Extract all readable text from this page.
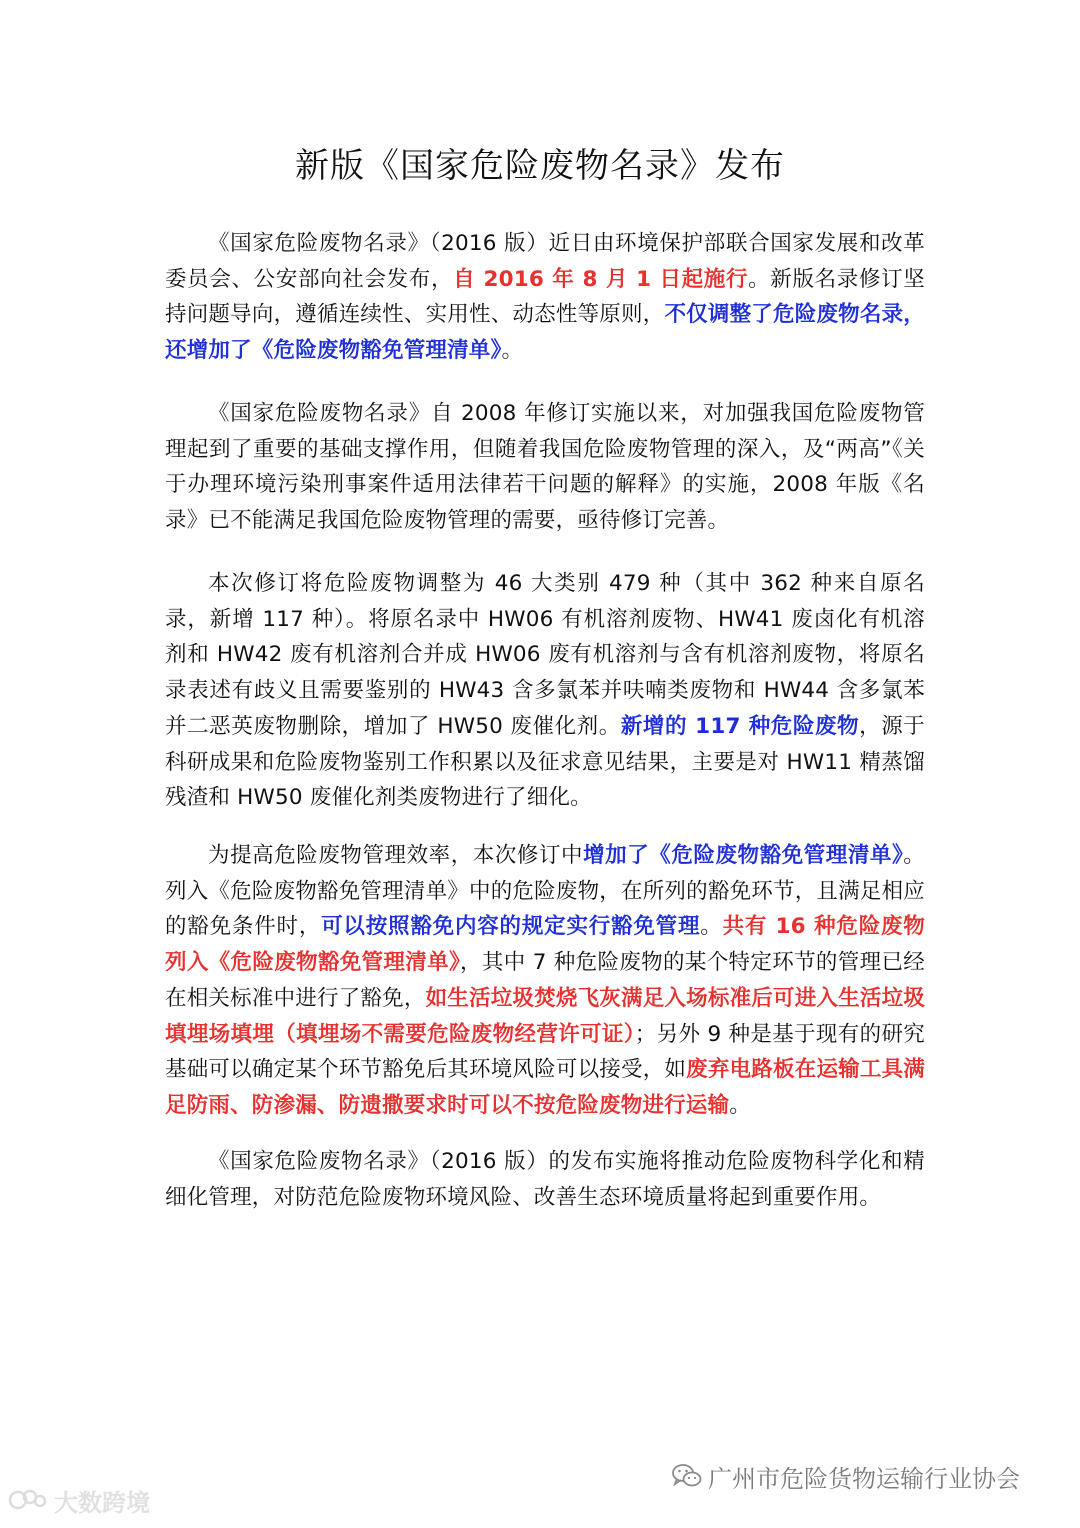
新版《国家危险废物名录》发布

《国家危险废物名录》（2016 版）近日由环境保护部联合国家发展和改革委员会、公安部向社会发布，自 2016 年 8 月 1 日起施行。新版名录修订坚持问题导向，遵循连续性、实用性、动态性等原则，不仅调整了危险废物名录，还增加了《危险废物豁免管理清单》。

《国家危险废物名录》自 2008 年修订实施以来，对加强我国危险废物管理起到了重要的基础支撑作用，但随着我国危险废物管理的深入，及“两高”《关于办理环境污染刑事案件适用法律若干问题的解释》的实施，2008 年版《名录》已不能满足我国危险废物管理的需要，亟待修订完善。

本次修订将危险废物调整为 46 大类别 479 种（其中 362 种来自原名录，新增 117 种）。将原名录中 HW06 有机溶剂废物、HW41 废卤化有机溶剂和 HW42 废有机溶剂合并成 HW06 废有机溶剂与含有机溶剂废物，将原名录表述有歧义且需要鉴别的 HW43 含多氯苯并呋喃类废物和 HW44 含多氯苯并二恶英废物删除，增加了 HW50 废催化剂。新增的 117 种危险废物，源于科研成果和危险废物鉴别工作积累以及征求意见结果，主要是对 HW11 精蒸馏残渣和 HW50 废催化剂类废物进行了细化。

为提高危险废物管理效率，本次修订中增加了《危险废物豁免管理清单》。列入《危险废物豁免管理清单》中的危险废物，在所列的豁免环节，且满足相应的豁免条件时，可以按照豁免内容的规定实行豁免管理。共有 16 种危险废物列入《危险废物豁免管理清单》，其中 7 种危险废物的某个特定环节的管理已经在相关标准中进行了豁免，如生活垃圾焚烧飞灰满足入场标准后可进入生活垃圾填埋场填埋（填埋场不需要危险废物经营许可证）；另外 9 种是基于现有的研究基础可以确定某个环节豁免后其环境风险可以接受，如废弃电路板在运输工具满足防雨、防渗漏、防遗撒要求时可以不按危险废物进行运输。

《国家危险废物名录》（2016 版）的发布实施将推动危险废物科学化和精细化管理，对防范危险废物环境风险、改善生态环境质量将起到重要作用。

广州市危险货物运输行业协会
大数跨境
